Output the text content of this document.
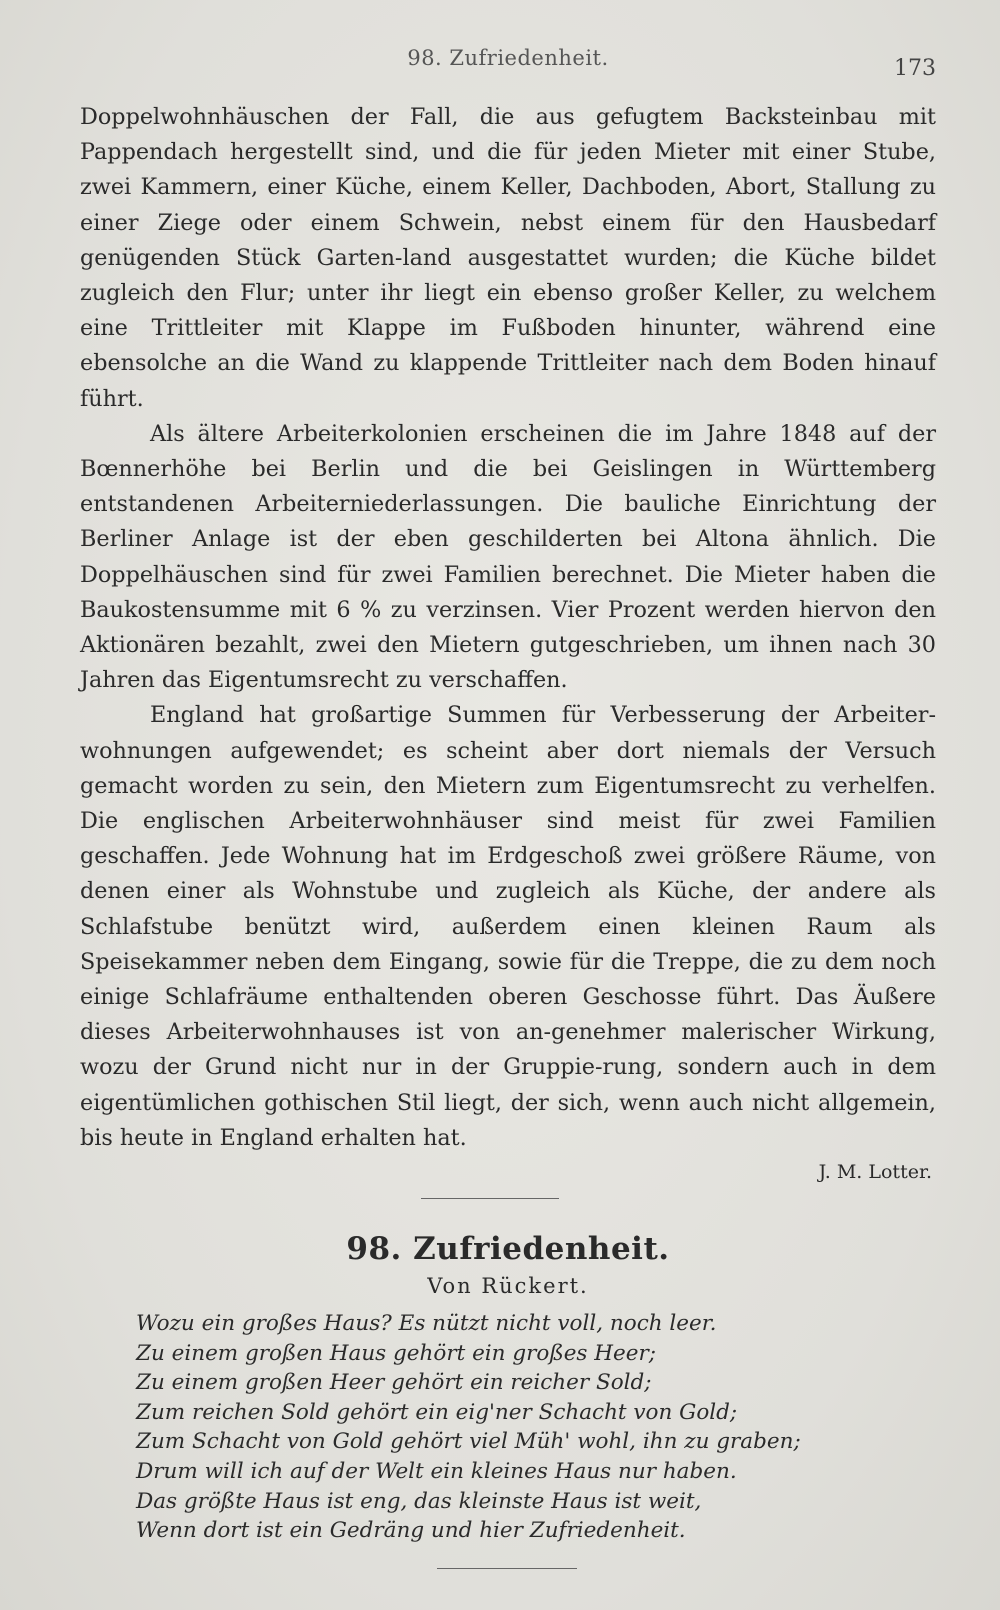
98. Zufriedenheit.	173

Doppelwohnhäuschen der Fall, die aus gefugtem Backsteinbau mit Pappendach hergestellt sind, und die für jeden Mieter mit einer Stube, zwei Kammern, einer Küche, einem Keller, Dachboden, Abort, Stallung zu einer Ziege oder einem Schwein, nebst einem für den Hausbedarf genügenden Stück Garten-land ausgestattet wurden; die Küche bildet zugleich den Flur; unter ihr liegt ein ebenso großer Keller, zu welchem eine Trittleiter mit Klappe im Fußboden hinunter, während eine ebensolche an die Wand zu klappende Trittleiter nach dem Boden hinauf führt.

Als ältere Arbeiterkolonien erscheinen die im Jahre 1848 auf der Bœnnerhöhe bei Berlin und die bei Geislingen in Württemberg entstandenen Arbeiterniederlassungen. Die bauliche Einrichtung der Berliner Anlage ist der eben geschilderten bei Altona ähnlich. Die Doppelhäuschen sind für zwei Familien berechnet. Die Mieter haben die Baukostensumme mit 6 % zu verzinsen. Vier Prozent werden hiervon den Aktionären bezahlt, zwei den Mietern gutgeschrieben, um ihnen nach 30 Jahren das Eigentumsrecht zu verschaffen.

England hat großartige Summen für Verbesserung der Arbeiter-wohnungen aufgewendet; es scheint aber dort niemals der Versuch gemacht worden zu sein, den Mietern zum Eigentumsrecht zu verhelfen. Die englischen Arbeiterwohnhäuser sind meist für zwei Familien geschaffen. Jede Wohnung hat im Erdgeschoß zwei größere Räume, von denen einer als Wohnstube und zugleich als Küche, der andere als Schlafstube benützt wird, außerdem einen kleinen Raum als Speisekammer neben dem Eingang, sowie für die Treppe, die zu dem noch einige Schlafräume enthaltenden oberen Geschosse führt. Das Äußere dieses Arbeiterwohnhauses ist von an-genehmer malerischer Wirkung, wozu der Grund nicht nur in der Gruppie-rung, sondern auch in dem eigentümlichen gothischen Stil liegt, der sich, wenn auch nicht allgemein, bis heute in England erhalten hat.

J. M. Lotter.
98. Zufriedenheit.
Von Rückert.
Wozu ein großes Haus? Es nützt nicht voll, noch leer.
Zu einem großen Haus gehört ein großes Heer;
Zu einem großen Heer gehört ein reicher Sold;
Zum reichen Sold gehört ein eig'ner Schacht von Gold;
Zum Schacht von Gold gehört viel Müh' wohl, ihn zu graben;
Drum will ich auf der Welt ein kleines Haus nur haben.
Das größte Haus ist eng, das kleinste Haus ist weit,
Wenn dort ist ein Gedräng und hier Zufriedenheit.
